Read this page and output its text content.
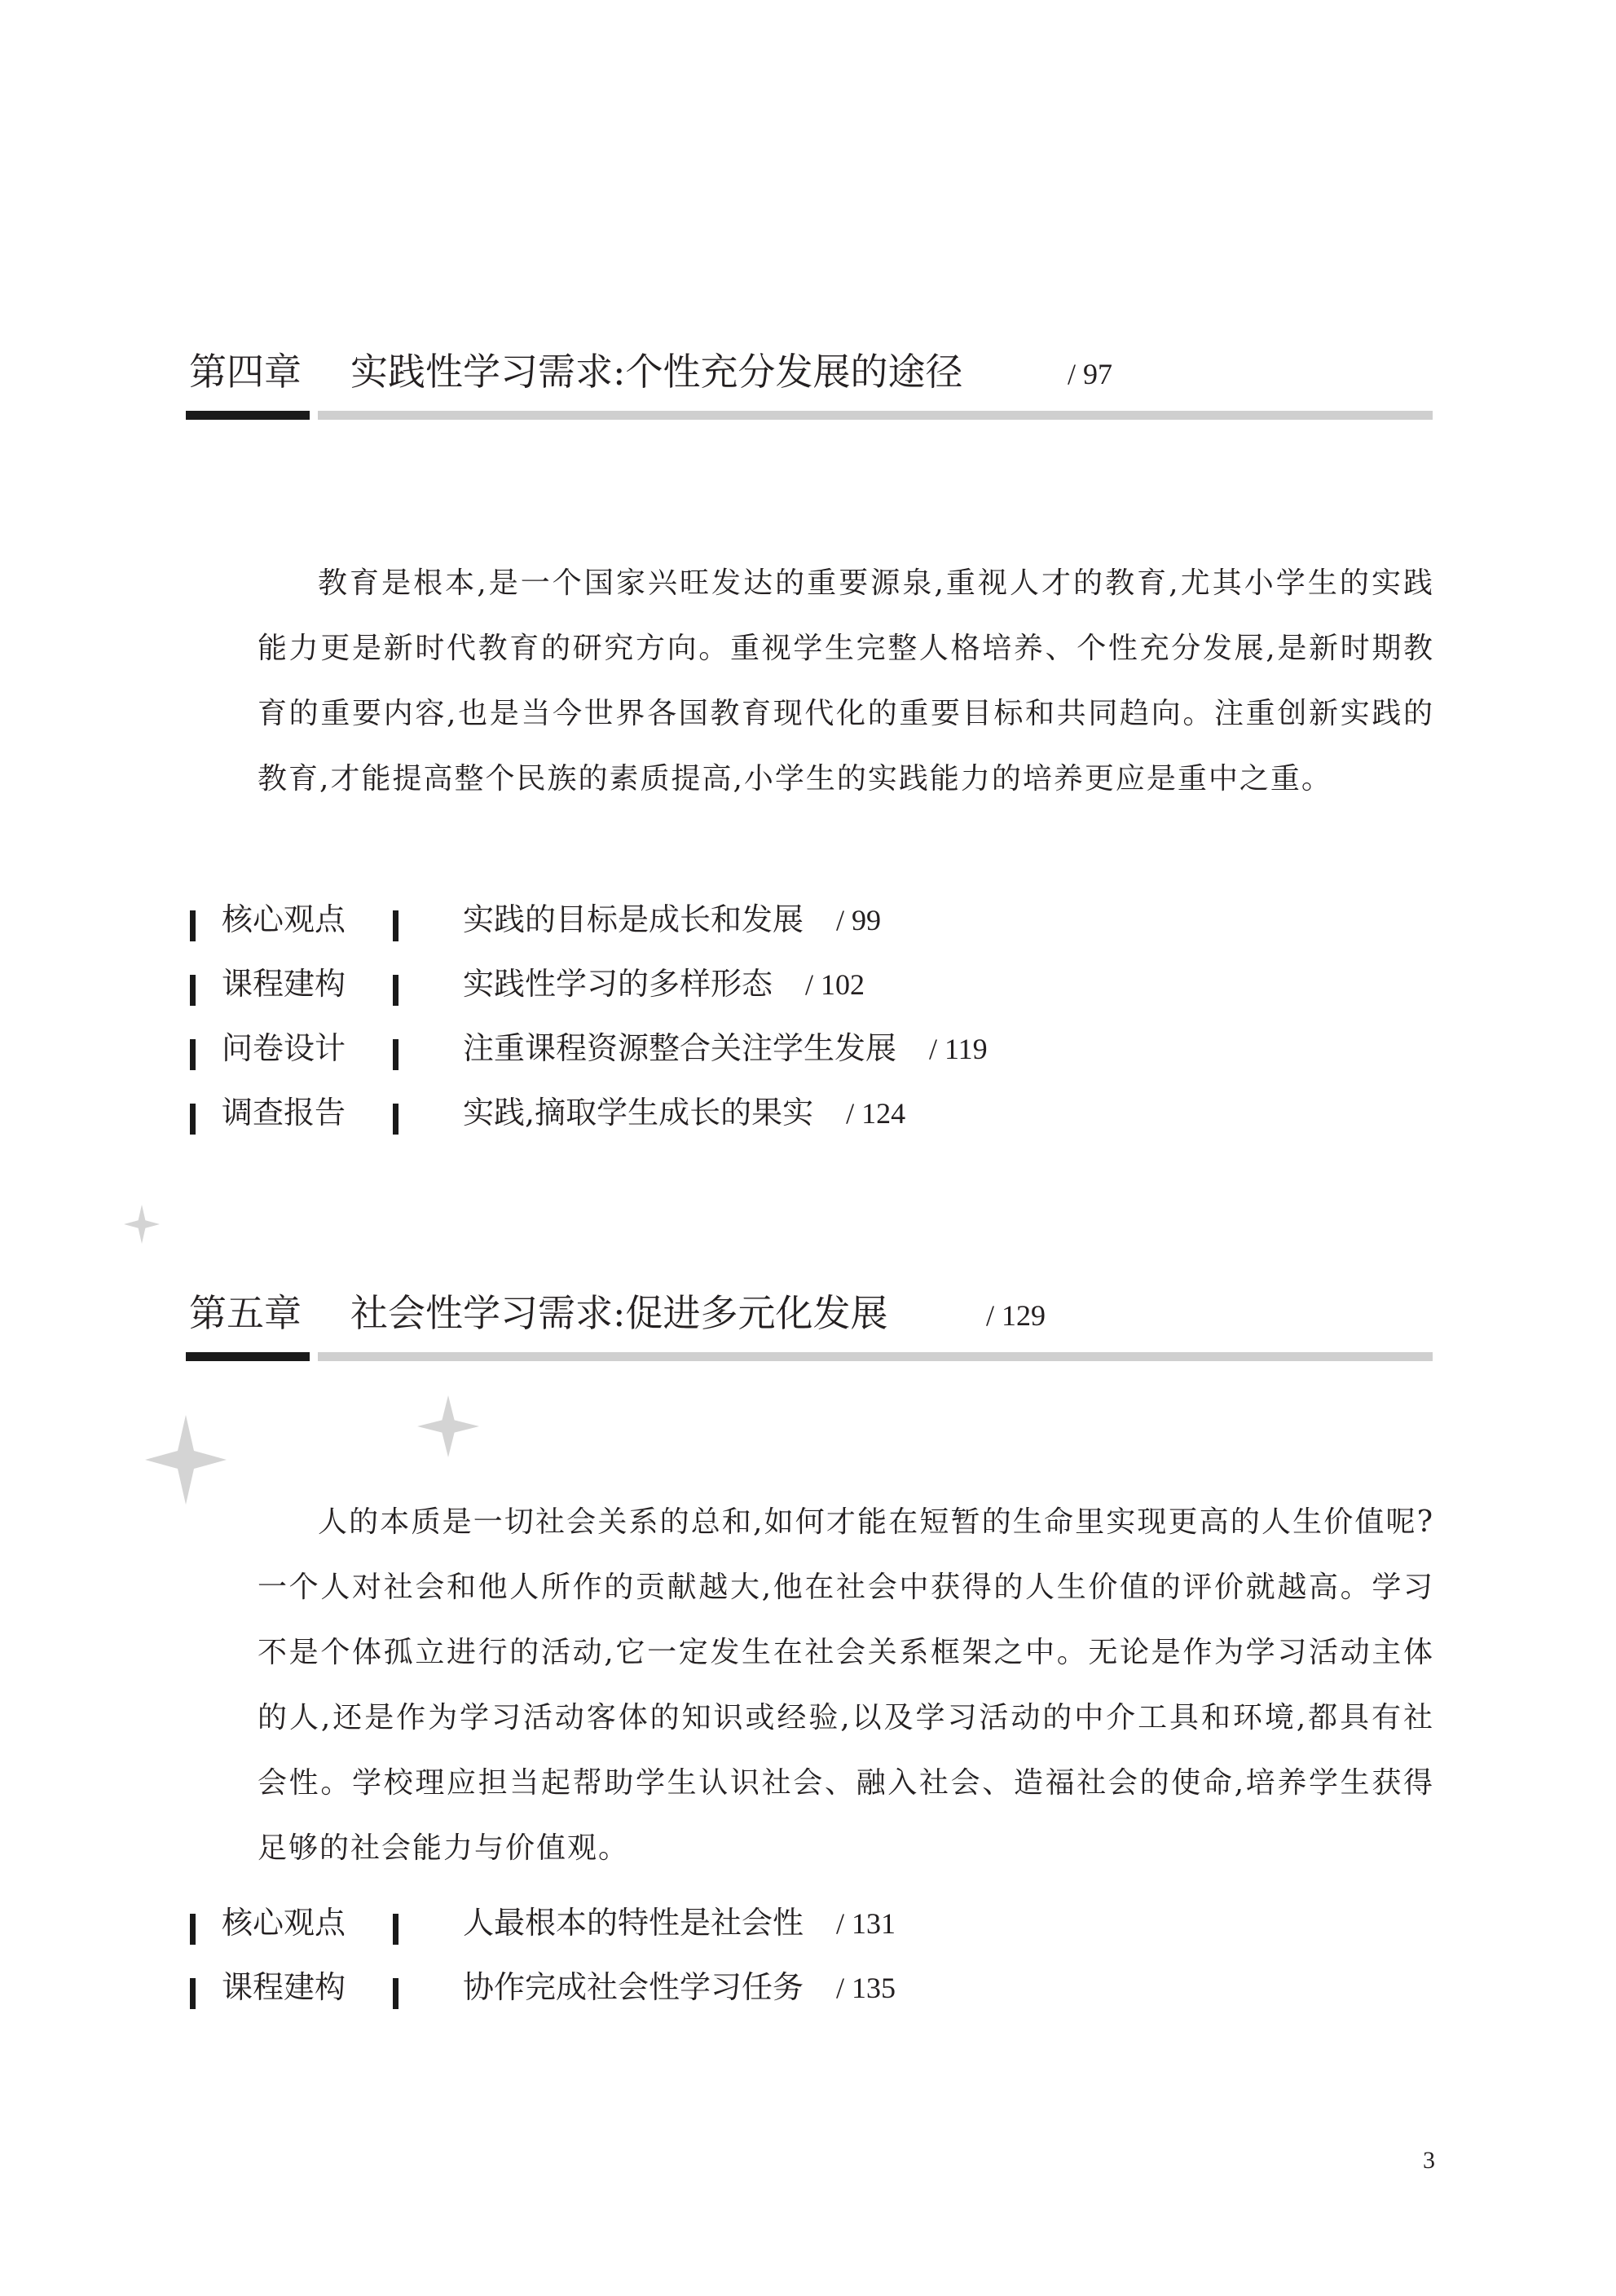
第四章 实践性学习需求:个性充分发展的途径	/ 97

教育是根本,是一个国家兴旺发达的重要源泉,重视人才的教育,尤其小学生的实践能力更是新时代教育的研究方向。重视学生完整人格培养、个性充分发展,是新时期教育的重要内容,也是当今世界各国教育现代化的重要目标和共同趋向。注重创新实践的教育,才能提高整个民族的素质提高,小学生的实践能力的培养更应是重中之重。

核心观点	实践的目标是成长和发展 / 99
课程建构	实践性学习的多样形态 / 102
问卷设计	注重课程资源整合关注学生发展 / 119
调查报告	实践,摘取学生成长的果实 / 124
第五章 社会性学习需求:促进多元化发展	/ 129

人的本质是一切社会关系的总和,如何才能在短暂的生命里实现更高的人生价值呢? 一个人对社会和他人所作的贡献越大,他在社会中获得的人生价值的评价就越高。学习不是个体孤立进行的活动,它一定发生在社会关系框架之中。无论是作为学习活动主体的人,还是作为学习活动客体的知识或经验,以及学习活动的中介工具和环境,都具有社会性。学校理应担当起帮助学生认识社会、融入社会、造福社会的使命,培养学生获得足够的社会能力与价值观。

核心观点	人最根本的特性是社会性 / 131
课程建构	协作完成社会性学习任务 / 135
3
